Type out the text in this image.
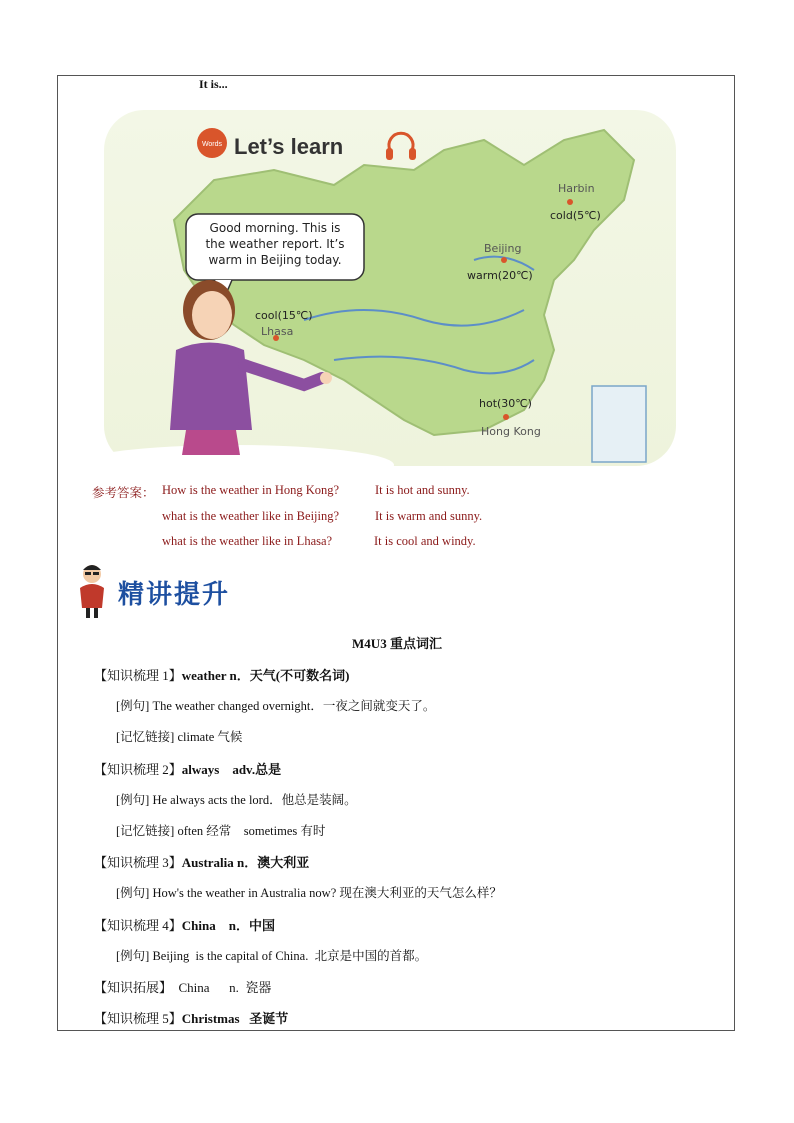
It is...
Words Let’s learn
Good morning. This is
the weather report. It’s
warm in Beijing today.
Harbin
cold(5℃)
Beijing
warm(20℃)
cool(15℃)
Lhasa
hot(30℃)
Hong Kong
参考答案： How is the weather in Hong Kong?	It is hot and sunny.
what is the weather like in Beijing?	It is warm and sunny.
what is the weather like in Lhasa?	It is cool and windy.
精讲提升
M4U3 重点词汇
【知识梳理 1】weather n．天气(不可数名词)
[例句] The weather changed overnight．一夜之间就变天了。
[记忆链接] climate 气候
【知识梳理 2】always    adv.总是
[例句] He always acts the lord．他总是装阔。
[记忆链接] often 经常    sometimes 有时
【知识梳理 3】Australia n．澳大利亚
[例句] How's the weather in Australia now? 现在澳大利亚的天气怎么样？
【知识梳理 4】China    n．中国
[例句] Beijing  is the capital of China.  北京是中国的首都。
【知识拓展】  China      n.  瓷器
【知识梳理 5】Christmas   圣诞节
